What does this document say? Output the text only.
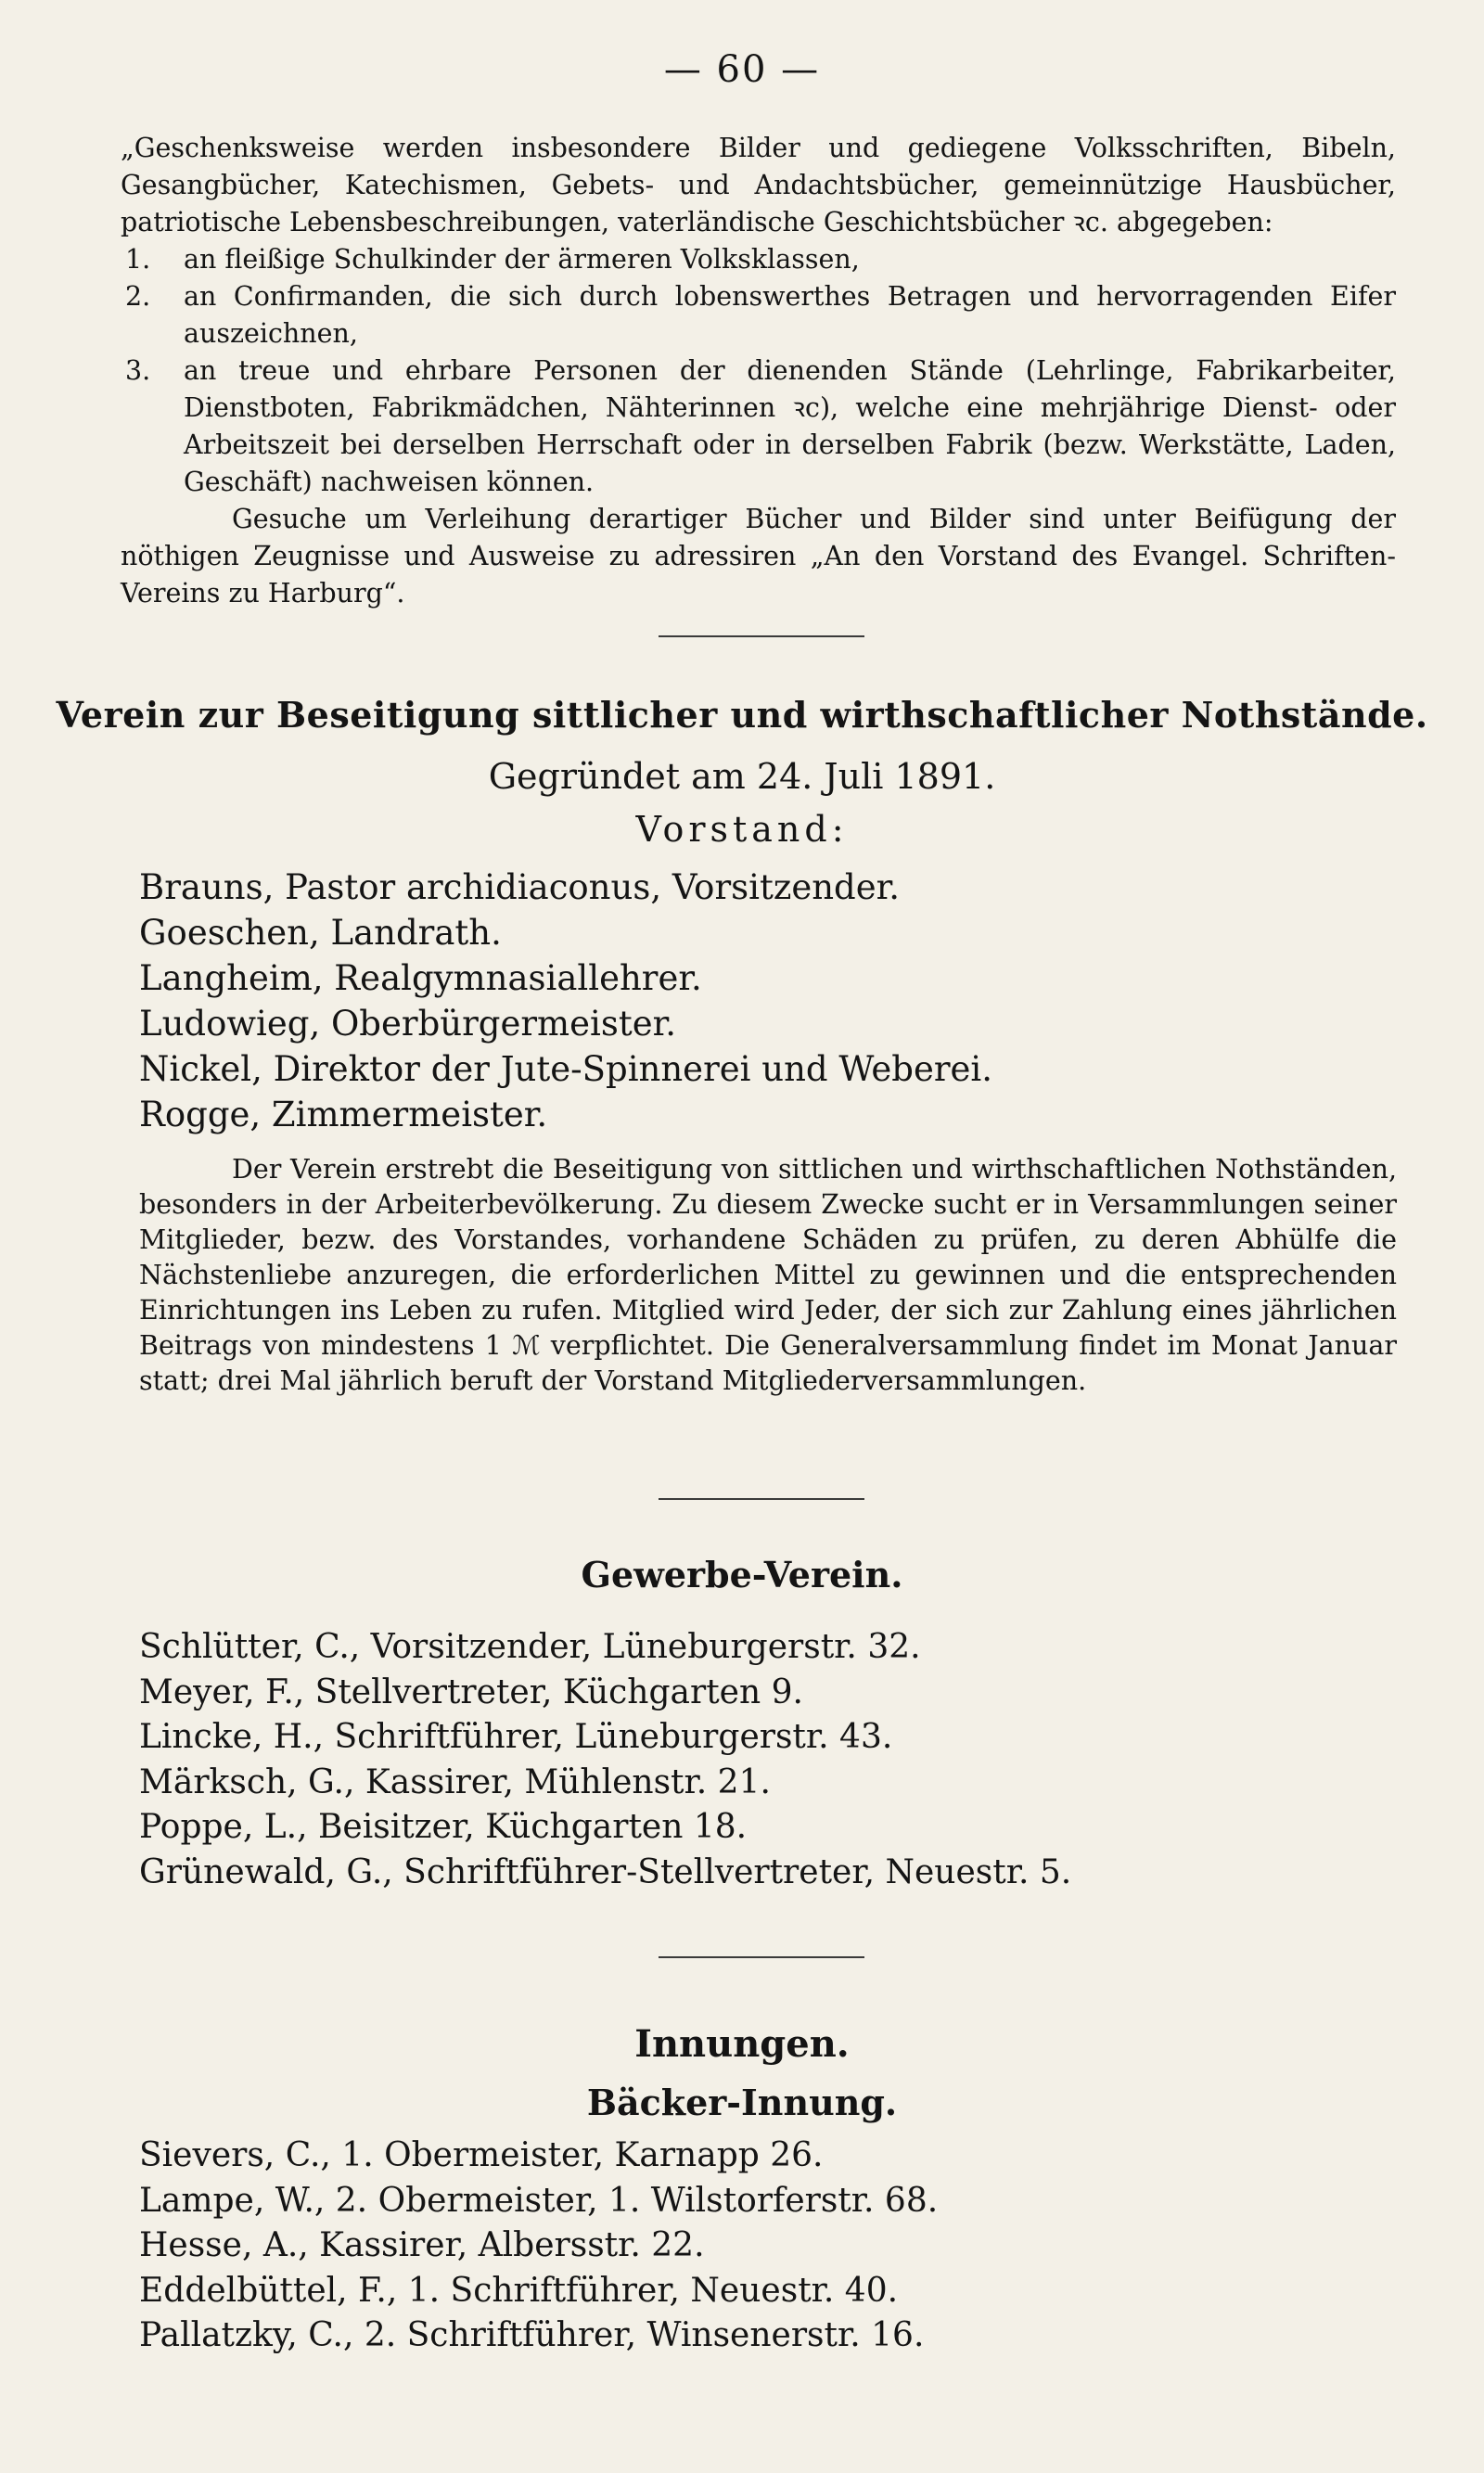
— 60 —

„Geschenksweise werden insbesondere Bilder und gediegene Volksschriften, Bibeln, Gesangbücher, Katechismen, Gebets- und Andachtsbücher, gemeinnützige Hausbücher, patriotische Lebensbeschreibungen, vaterländische Geschichtsbücher ꝛc. abgegeben:

1. an fleißige Schulkinder der ärmeren Volksklassen,
2. an Confirmanden, die sich durch lobenswerthes Betragen und hervorragenden Eifer auszeichnen,
3. an treue und ehrbare Personen der dienenden Stände (Lehrlinge, Fabrikarbeiter, Dienstboten, Fabrikmädchen, Nähterinnen ꝛc), welche eine mehrjährige Dienst- oder Arbeitszeit bei derselben Herrschaft oder in derselben Fabrik (bezw. Werkstätte, Laden, Geschäft) nachweisen können.

Gesuche um Verleihung derartiger Bücher und Bilder sind unter Beifügung der nöthigen Zeugnisse und Ausweise zu adressiren „An den Vorstand des Evangel. Schriften-Vereins zu Harburg“.

Verein zur Beseitigung sittlicher und wirthschaftlicher Nothstände.
Gegründet am 24. Juli 1891.
Vorstand:
Brauns, Pastor archidiaconus, Vorsitzender.
Goeschen, Landrath.
Langheim, Realgymnasiallehrer.
Ludowieg, Oberbürgermeister.
Nickel, Direktor der Jute-Spinnerei und Weberei.
Rogge, Zimmermeister.

Der Verein erstrebt die Beseitigung von sittlichen und wirthschaftlichen Nothständen, besonders in der Arbeiterbevölkerung. Zu diesem Zwecke sucht er in Versammlungen seiner Mitglieder, bezw. des Vorstandes, vorhandene Schäden zu prüfen, zu deren Abhülfe die Nächstenliebe anzuregen, die erforderlichen Mittel zu gewinnen und die entsprechenden Einrichtungen ins Leben zu rufen. Mitglied wird Jeder, der sich zur Zahlung eines jährlichen Beitrags von mindestens 1 ℳ verpflichtet. Die Generalversammlung findet im Monat Januar statt; drei Mal jährlich beruft der Vorstand Mitgliederversammlungen.

Gewerbe-Verein.
Schlütter, C., Vorsitzender, Lüneburgerstr. 32.
Meyer, F., Stellvertreter, Küchgarten 9.
Lincke, H., Schriftführer, Lüneburgerstr. 43.
Märksch, G., Kassirer, Mühlenstr. 21.
Poppe, L., Beisitzer, Küchgarten 18.
Grünewald, G., Schriftführer-Stellvertreter, Neuestr. 5.
Innungen.
Bäcker-Innung.
Sievers, C., 1. Obermeister, Karnapp 26.
Lampe, W., 2. Obermeister, 1. Wilstorferstr. 68.
Hesse, A., Kassirer, Albersstr. 22.
Eddelbüttel, F., 1. Schriftführer, Neuestr. 40.
Pallatzky, C., 2. Schriftführer, Winsenerstr. 16.
